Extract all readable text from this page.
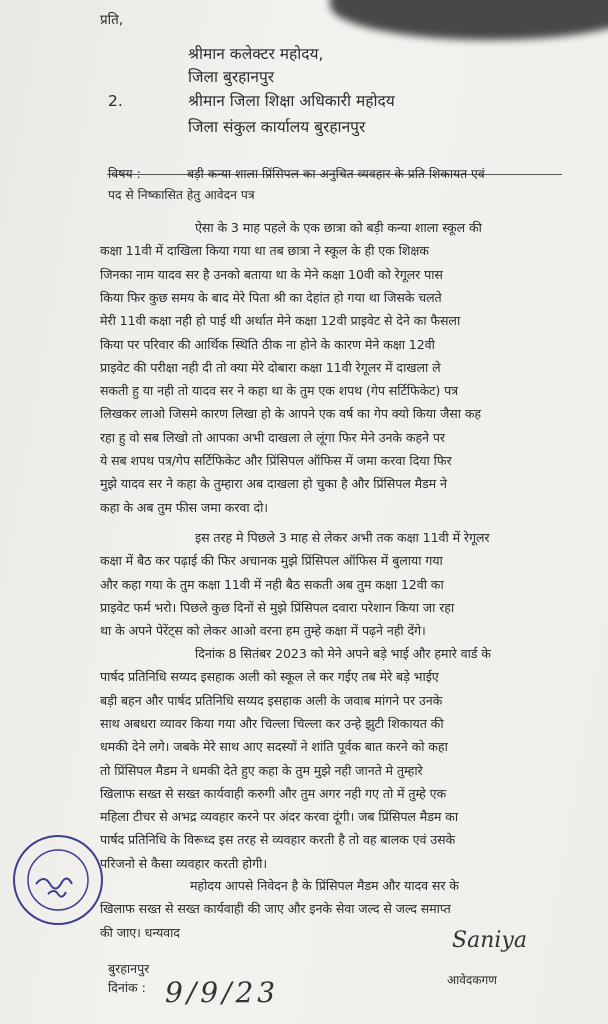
प्रति,
श्रीमान कलेक्टर महोदय,
जिला बुरहानपुर
2.	श्रीमान जिला शिक्षा अधिकारी महोदय
जिला संकुल कार्यालय बुरहानपुर
विषय :	बड़ी कन्या शाला प्रिंसिपल का अनुचित व्यवहार के प्रति शिकायत एवं
पद से निष्कासित हेतु आवेदन पत्र
ऐसा के 3 माह पहले के एक छात्रा को बड़ी कन्या शाला स्कूल की
कक्षा 11वी में दाखिला किया गया था तब छात्रा ने स्कूल के ही एक शिक्षक
जिनका नाम यादव सर है उनको बताया था के मेने कक्षा 10वी को रेगूलर पास
किया फिर कुछ समय के बाद मेरे पिता श्री का देहांत हो गया था जिसके चलते
मेरी 11वी कक्षा नही हो पाई थी अर्थात मेने कक्षा 12वी प्राइवेट से देने का फैसला
किया पर परिवार की आर्थिक स्थिति ठीक ना होने के कारण मेने कक्षा 12वी
प्राइवेट की परीक्षा नही दी तो क्या मेरे दोबारा कक्षा 11वी रेगूलर में दाखला ले
सकती हु या नही तो यादव सर ने कहा था के तुम एक शपथ (गेप सर्टिफिकेट) पत्र
लिखकर लाओ जिसमे कारण लिखा हो के आपने एक वर्ष का गेप क्यो किया जैसा कह
रहा हु वो सब लिखो तो आपका अभी दाखला ले लूंगा फिर मेने उनके कहने पर
ये सब शपथ पत्र/गेप सर्टिफिकेट और प्रिंसिपल ऑफिस में जमा करवा दिया फिर
मुझे यादव सर ने कहा के तुम्हारा अब दाखला हो चुका है और प्रिंसिपल मैडम ने
कहा के अब तुम फीस जमा करवा दो।
इस तरह मे पिछले 3 माह से लेकर अभी तक कक्षा 11वी में रेगूलर
कक्षा में बैठ कर पढ़ाई की फिर अचानक मुझे प्रिंसिपल ऑफिस में बुलाया गया
और कहा गया के तुम कक्षा 11वी में नही बैठ सकती अब तुम कक्षा 12वी का
प्राइवेट फर्म भरो। पिछले कुछ दिनों से मुझे प्रिंसिपल दवारा परेशान किया जा रहा
था के अपने पेरेंट्स को लेकर आओ वरना हम तुम्हे कक्षा में पढ़ने नही देंगे।
दिनांक 8 सितंबर 2023 को मेने अपने बड़े भाई और हमारे वार्ड के
पार्षद प्रतिनिधि सय्यद इसहाक अली को स्कूल ले कर गईए तब मेरे बड़े भाईए
बड़ी बहन और पार्षद प्रतिनिधि सय्यद इसहाक अली के जवाब मांगने पर उनके
साथ अबधरा व्यावर किया गया और चिल्ला चिल्ला कर उन्हे झुटी शिकायत की
धमकी देने लगे। जबके मेरे साथ आए सदस्यों ने शांति पूर्वक बात करने को कहा
तो प्रिंसिपल मैडम ने धमकी देते हुए कहा के तुम मुझे नही जानते मे तुम्हारे
खिलाफ सख्त से सख्त कार्यवाही करुगी और तुम अगर नही गए तो में तुम्हे एक
महिला टीचर से अभद्र व्यवहार करने पर अंदर करवा दूंगी। जब प्रिंसिपल मैडम का
पार्षद प्रतिनिधि के विरूध्द इस तरह से व्यवहार करती है तो वह बालक एवं उसके
परिजनो से कैसा व्यवहार करती होगी।
महोदय आपसे निवेदन है के प्रिंसिपल मैडम और यादव सर के
खिलाफ सख्त से सख्त कार्यवाही की जाए और इनके सेवा जल्द से जल्द समाप्त
की जाए। धन्यवाद
बुरहानपुर
दिनांक : 9/9/23
Saniya
आवेदकगण
